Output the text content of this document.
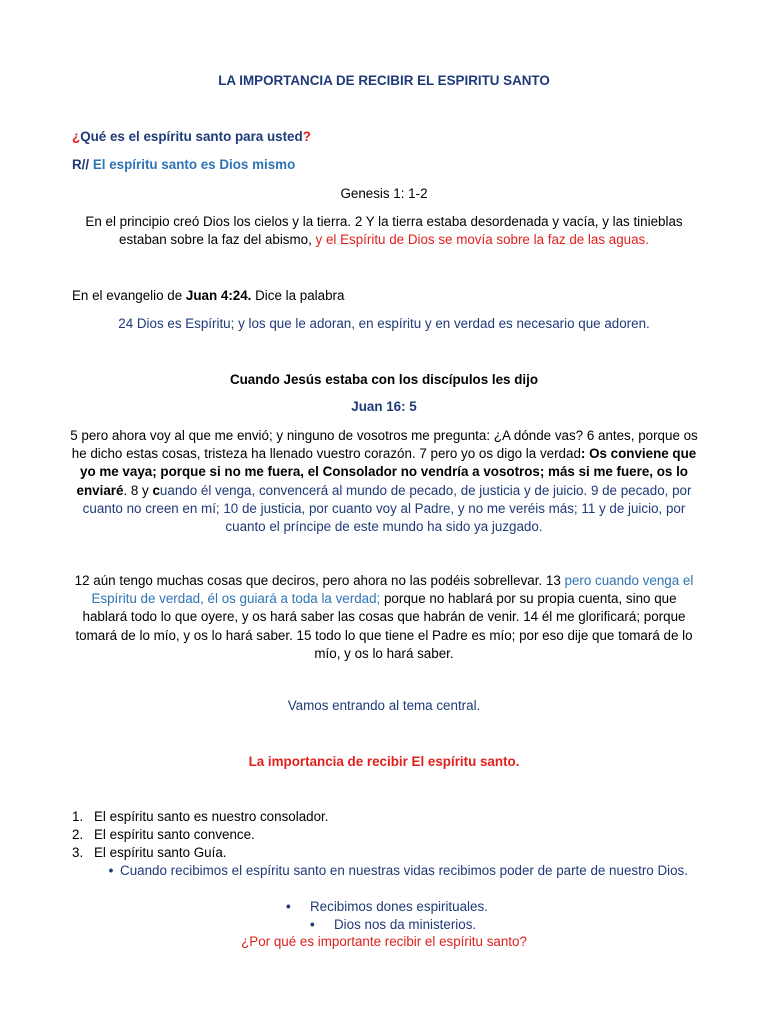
LA IMPORTANCIA DE RECIBIR EL ESPIRITU SANTO
¿Qué es el espíritu santo para usted?
R// El espíritu santo es Dios mismo
Genesis 1: 1-2
En el principio creó Dios los cielos y la tierra. 2 Y la tierra estaba desordenada y vacía, y las tinieblas estaban sobre la faz del abismo, y el Espíritu de Dios se movía sobre la faz de las aguas.
En el evangelio de Juan 4:24. Dice la palabra
24 Dios es Espíritu; y los que le adoran, en espíritu y en verdad es necesario que adoren.
Cuando Jesús estaba con los discípulos les dijo
Juan 16: 5
5 pero ahora voy al que me envió; y ninguno de vosotros me pregunta: ¿A dónde vas? 6 antes, porque os he dicho estas cosas, tristeza ha llenado vuestro corazón. 7 pero yo os digo la verdad: Os conviene que yo me vaya; porque si no me fuera, el Consolador no vendría a vosotros; más si me fuere, os lo enviaré. 8 y cuando él venga, convencerá al mundo de pecado, de justicia y de juicio. 9 de pecado, por cuanto no creen en mí; 10 de justicia, por cuanto voy al Padre, y no me veréis más; 11 y de juicio, por cuanto el príncipe de este mundo ha sido ya juzgado.
12 aún tengo muchas cosas que deciros, pero ahora no las podéis sobrellevar. 13 pero cuando venga el Espíritu de verdad, él os guiará a toda la verdad; porque no hablará por su propia cuenta, sino que hablará todo lo que oyere, y os hará saber las cosas que habrán de venir. 14 él me glorificará; porque tomará de lo mío, y os lo hará saber. 15 todo lo que tiene el Padre es mío; por eso dije que tomará de lo mío, y os lo hará saber.
Vamos entrando al tema central.
La importancia de recibir El espíritu santo.
1. El espíritu santo es nuestro consolador.
2. El espíritu santo convence.
3. El espíritu santo Guía.
• Cuando recibimos el espíritu santo en nuestras vidas recibimos poder de parte de nuestro Dios.
• Recibimos dones espirituales.
• Dios nos da ministerios.
¿Por qué es importante recibir el espíritu santo?
